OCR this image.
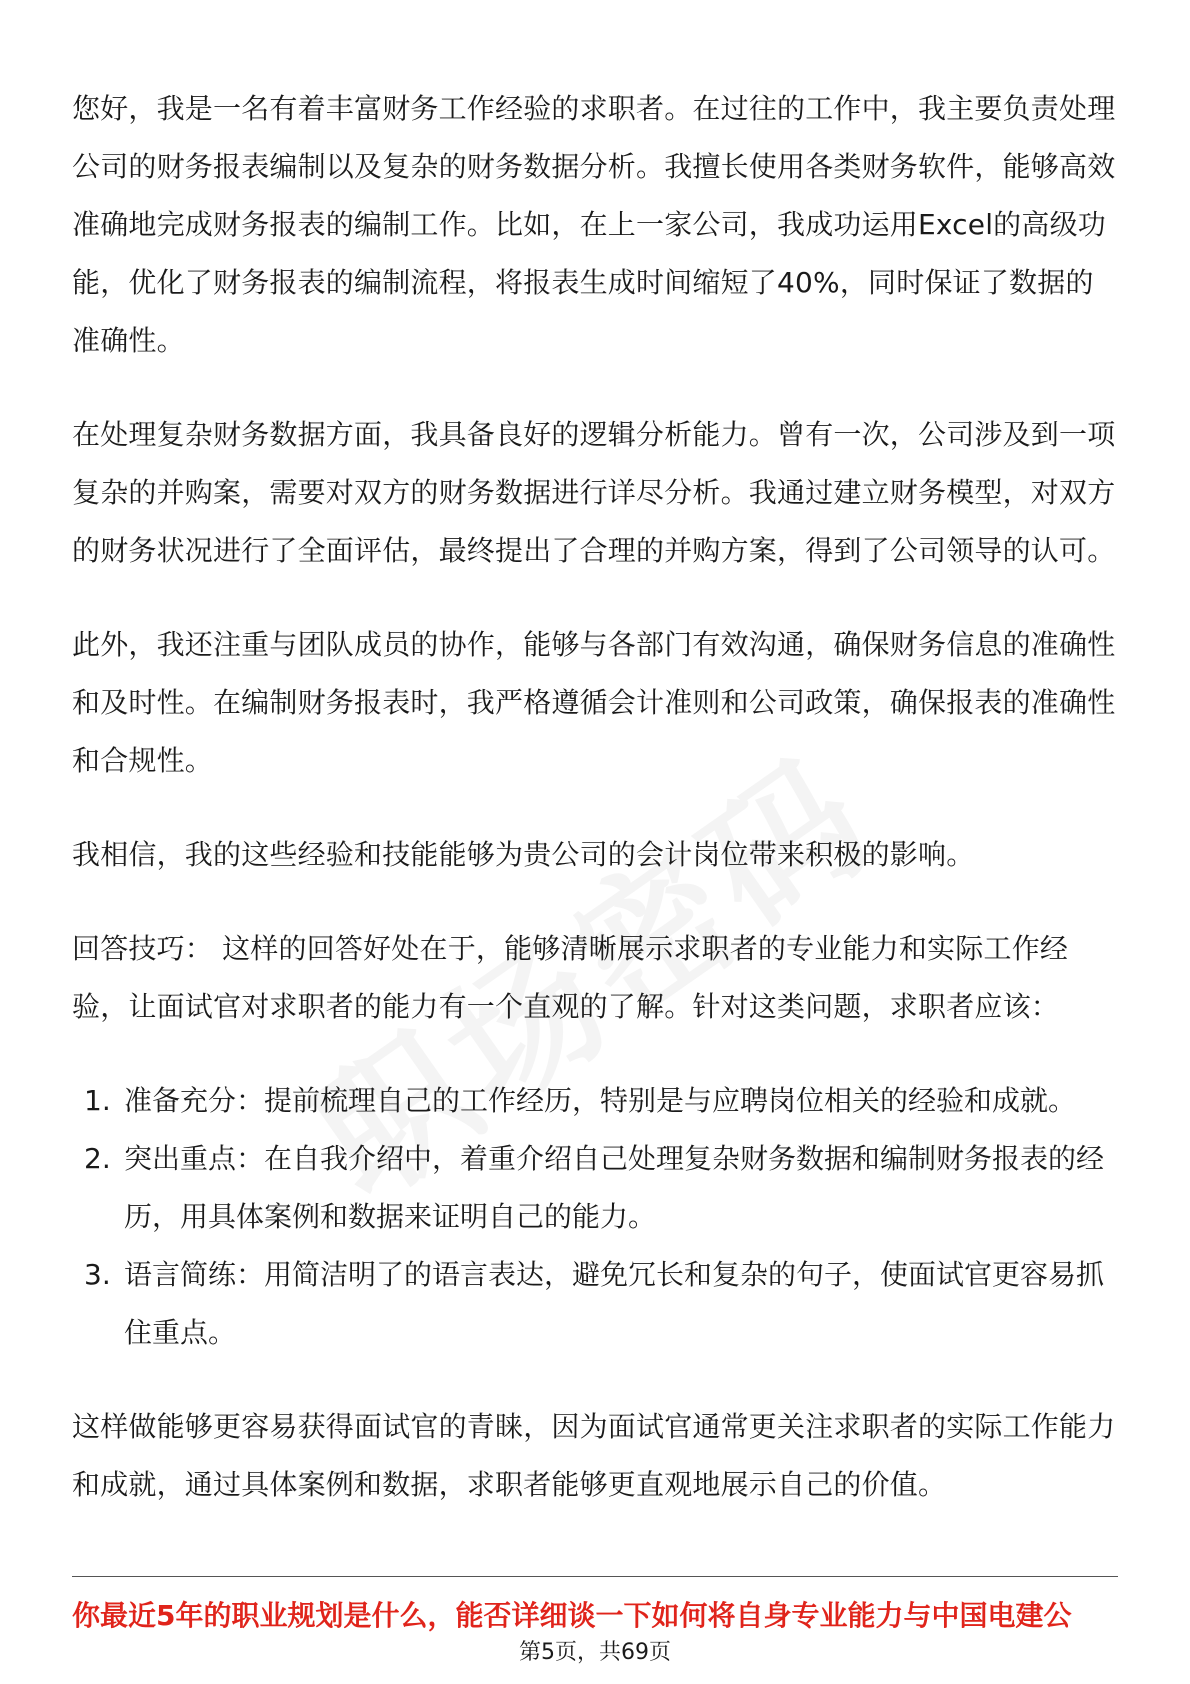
您好，我是一名有着丰富财务工作经验的求职者。在过往的工作中，我主要负责处理公司的财务报表编制以及复杂的财务数据分析。我擅长使用各类财务软件，能够高效准确地完成财务报表的编制工作。比如，在上一家公司，我成功运用Excel的高级功能，优化了财务报表的编制流程，将报表生成时间缩短了40%，同时保证了数据的准确性。

在处理复杂财务数据方面，我具备良好的逻辑分析能力。曾有一次，公司涉及到一项复杂的并购案，需要对双方的财务数据进行详尽分析。我通过建立财务模型，对双方的财务状况进行了全面评估，最终提出了合理的并购方案，得到了公司领导的认可。

此外，我还注重与团队成员的协作，能够与各部门有效沟通，确保财务信息的准确性和及时性。在编制财务报表时，我严格遵循会计准则和公司政策，确保报表的准确性和合规性。

我相信，我的这些经验和技能能够为贵公司的会计岗位带来积极的影响。

回答技巧： 这样的回答好处在于，能够清晰展示求职者的专业能力和实际工作经验，让面试官对求职者的能力有一个直观的了解。针对这类问题，求职者应该：

1. 准备充分：提前梳理自己的工作经历，特别是与应聘岗位相关的经验和成就。
2. 突出重点：在自我介绍中，着重介绍自己处理复杂财务数据和编制财务报表的经历，用具体案例和数据来证明自己的能力。
3. 语言简练：用简洁明了的语言表达，避免冗长和复杂的句子，使面试官更容易抓住重点。

这样做能够更容易获得面试官的青睐，因为面试官通常更关注求职者的实际工作能力和成就，通过具体案例和数据，求职者能够更直观地展示自己的价值。

你最近5年的职业规划是什么，能否详细谈一下如何将自身专业能力与中国电建公
第5页，共69页
